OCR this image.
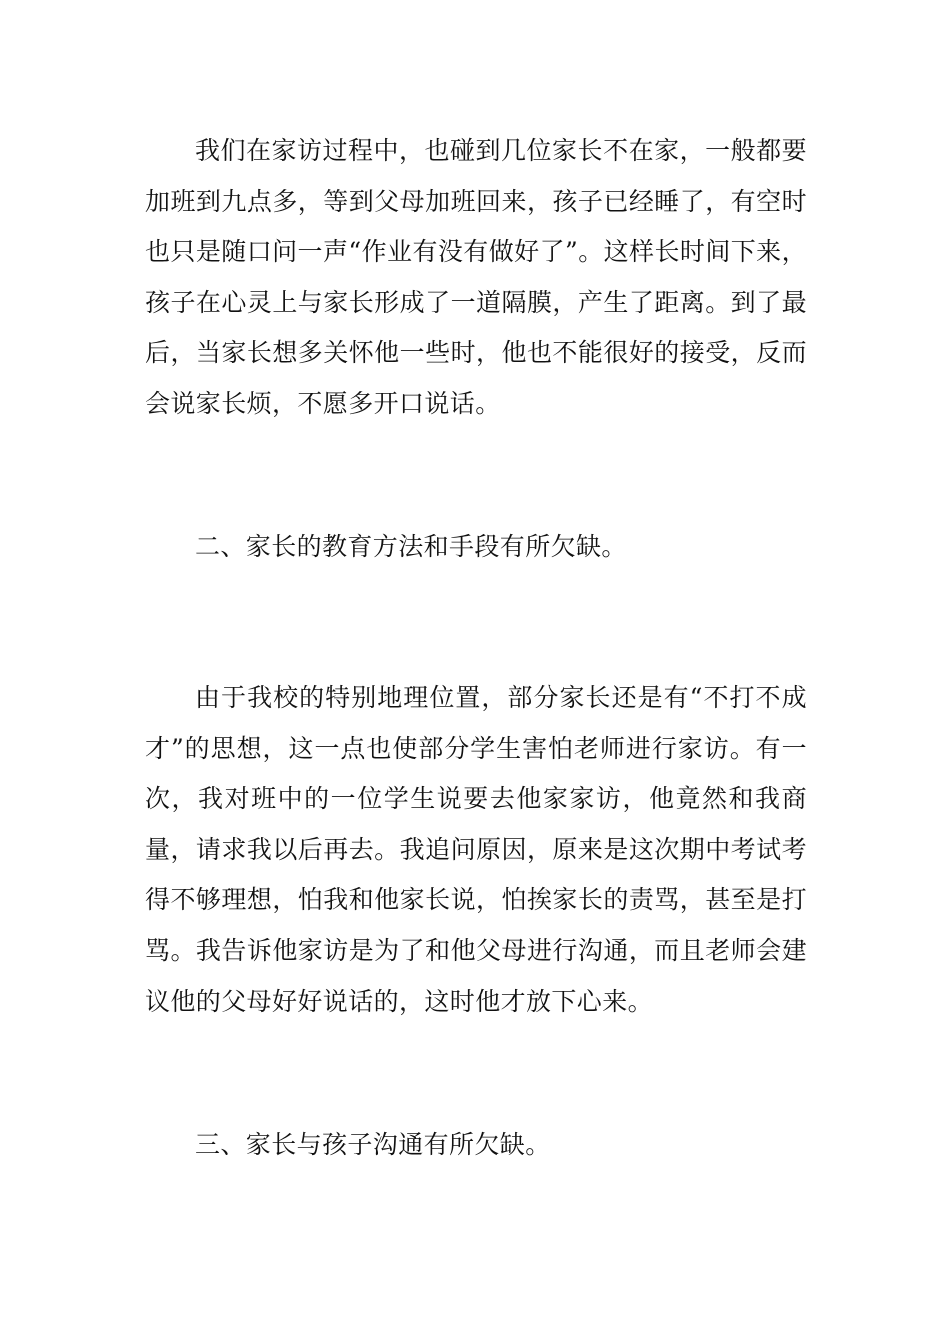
我们在家访过程中，也碰到几位家长不在家，一般都要加班到九点多，等到父母加班回来，孩子已经睡了，有空时也只是随口问一声“作业有没有做好了”。这样长时间下来，孩子在心灵上与家长形成了一道隔膜，产生了距离。到了最后，当家长想多关怀他一些时，他也不能很好的接受，反而会说家长烦，不愿多开口说话。

二、家长的教育方法和手段有所欠缺。

由于我校的特别地理位置，部分家长还是有“不打不成才”的思想，这一点也使部分学生害怕老师进行家访。有一次，我对班中的一位学生说要去他家家访，他竟然和我商量，请求我以后再去。我追问原因，原来是这次期中考试考得不够理想，怕我和他家长说，怕挨家长的责骂，甚至是打骂。我告诉他家访是为了和他父母进行沟通，而且老师会建议他的父母好好说话的，这时他才放下心来。

三、家长与孩子沟通有所欠缺。
